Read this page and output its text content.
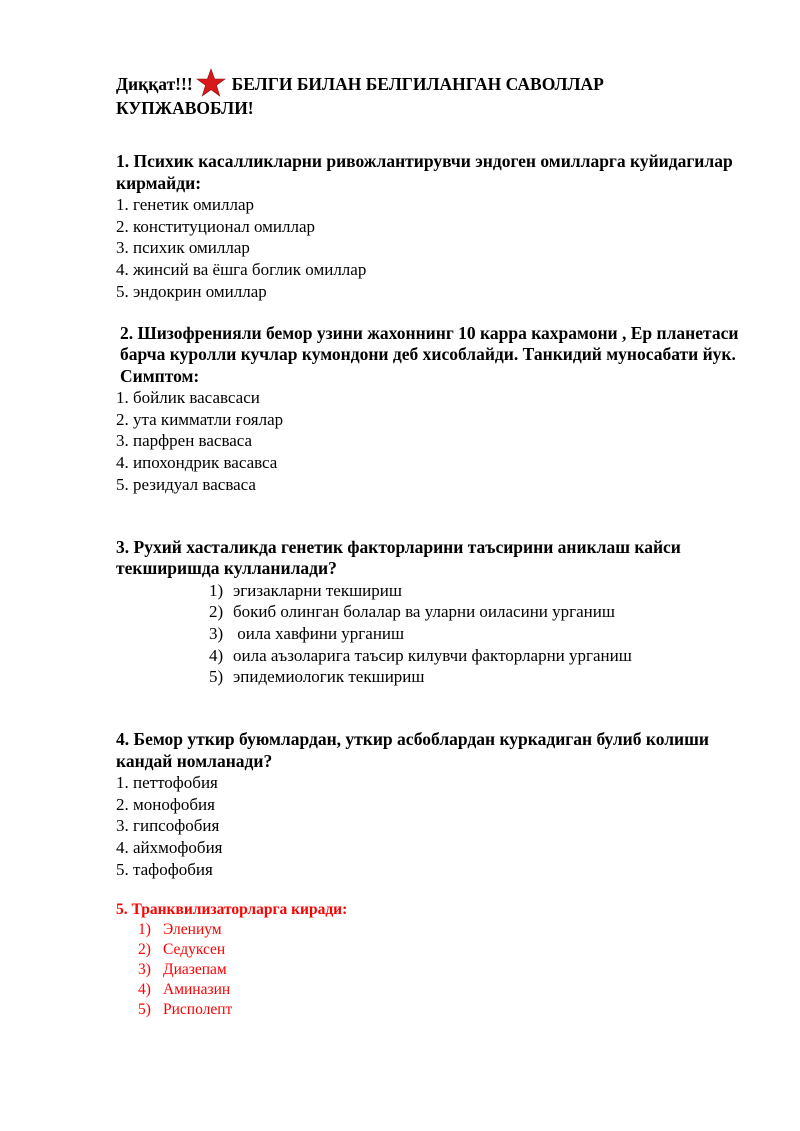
Диққат!!! БЕЛГИ БИЛАН БЕЛГИЛАНГАН САВОЛЛАР
КУПЖАВОБЛИ!

1. Психик касалликларни ривожлантирувчи эндоген омилларга куйидагилар кирмайди:

1. генетик омиллар
2. конституционал омиллар
3. психик омиллар
4. жинсий ва ёшга боглик омиллар
5. эндокрин омиллар

2. Шизофренияли бемор узини жахоннинг 10 карра кахрамони , Ер планетаси барча куролли кучлар кумондони деб хисоблайди. Танкидий муносабати йук. Симптом:

1. бойлик васавсаси
2. ута кимматли ғоялар
3. парфрен васваса
4. ипохондрик васавса
5. резидуал васваса

3. Рухий хасталикда генетик факторларини таъсирини аниклаш кайси текширишда кулланилади?

1) эгизакларни текшириш
2) бокиб олинган болалар ва уларни оиласини урганиш
3) оила хавфини урганиш
4) оила аъзоларига таъсир килувчи факторларни урганиш
5) эпидемиологик текшириш

4. Бемор уткир буюмлардан, уткир асбоблардан куркадиган булиб колиши кандай номланади?

1. петтофобия
2. монофобия
3. гипсофобия
4. айхмофобия
5. тафофобия

5. Транквилизаторларга киради:

1) Элениум
2) Седуксен
3) Диазепам
4) Аминазин
5) Рисполепт
